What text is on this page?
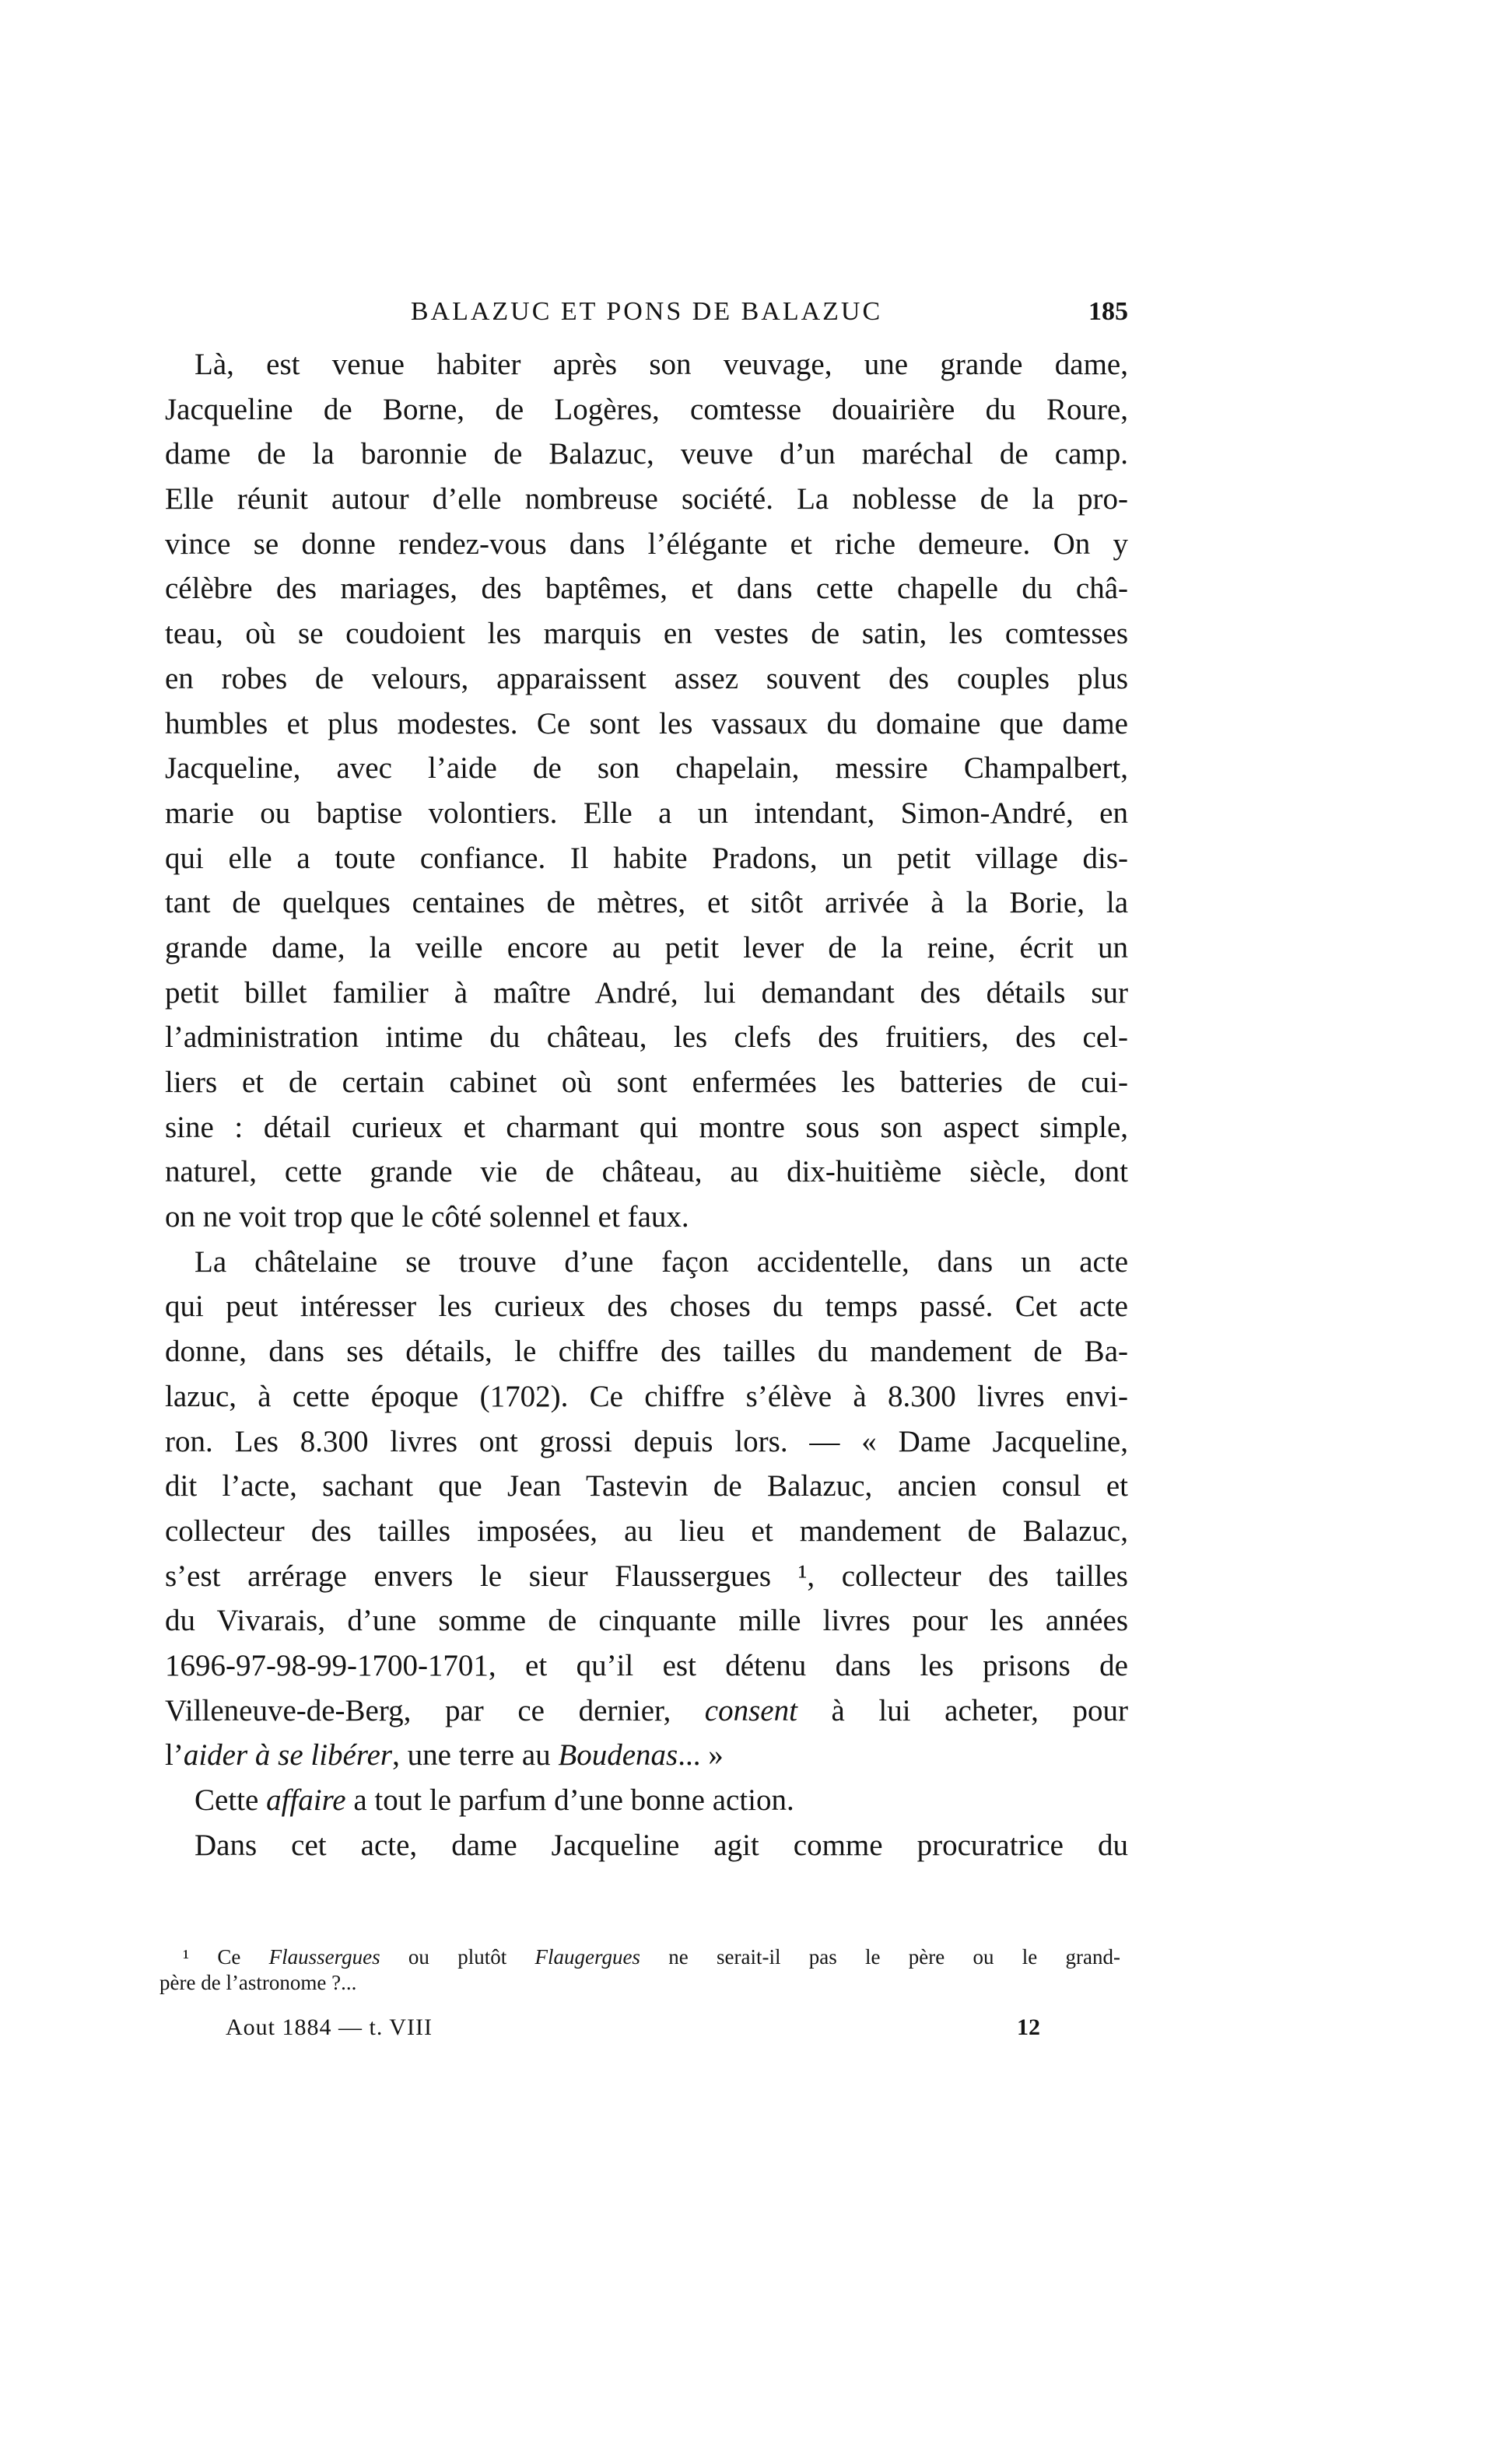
BALAZUC ET PONS DE BALAZUC	185
Là, est venue habiter après son veuvage, une grande dame,
Jacqueline de Borne, de Logères, comtesse douairière du Roure,
dame de la baronnie de Balazuc, veuve d’un maréchal de camp.
Elle réunit autour d’elle nombreuse société. La noblesse de la pro-
vince se donne rendez-vous dans l’élégante et riche demeure. On y
célèbre des mariages, des baptêmes, et dans cette chapelle du châ-
teau, où se coudoient les marquis en vestes de satin, les comtesses
en robes de velours, apparaissent assez souvent des couples plus
humbles et plus modestes. Ce sont les vassaux du domaine que dame
Jacqueline, avec l’aide de son chapelain, messire Champalbert,
marie ou baptise volontiers. Elle a un intendant, Simon-André, en
qui elle a toute confiance. Il habite Pradons, un petit village dis-
tant de quelques centaines de mètres, et sitôt arrivée à la Borie, la
grande dame, la veille encore au petit lever de la reine, écrit un
petit billet familier à maître André, lui demandant des détails sur
l’administration intime du château, les clefs des fruitiers, des cel-
liers et de certain cabinet où sont enfermées les batteries de cui-
sine : détail curieux et charmant qui montre sous son aspect simple,
naturel, cette grande vie de château, au dix-huitième siècle, dont
on ne voit trop que le côté solennel et faux.
La châtelaine se trouve d’une façon accidentelle, dans un acte
qui peut intéresser les curieux des choses du temps passé. Cet acte
donne, dans ses détails, le chiffre des tailles du mandement de Ba-
lazuc, à cette époque (1702). Ce chiffre s’élève à 8.300 livres envi-
ron. Les 8.300 livres ont grossi depuis lors. — « Dame Jacqueline,
dit l’acte, sachant que Jean Tastevin de Balazuc, ancien consul et
collecteur des tailles imposées, au lieu et mandement de Balazuc,
s’est arrérage envers le sieur Flaussergues ¹, collecteur des tailles
du Vivarais, d’une somme de cinquante mille livres pour les années
1696-97-98-99-1700-1701, et qu’il est détenu dans les prisons de
Villeneuve-de-Berg, par ce dernier, consent à lui acheter, pour
l’aider à se libérer, une terre au Boudenas... »
Cette affaire a tout le parfum d’une bonne action.
Dans cet acte, dame Jacqueline agit comme procuratrice du
¹ Ce Flaussergues ou plutôt Flaugergues ne serait-il pas le père ou le grand-
père de l’astronome ?...
Aout 1884 — t. VIII	12
